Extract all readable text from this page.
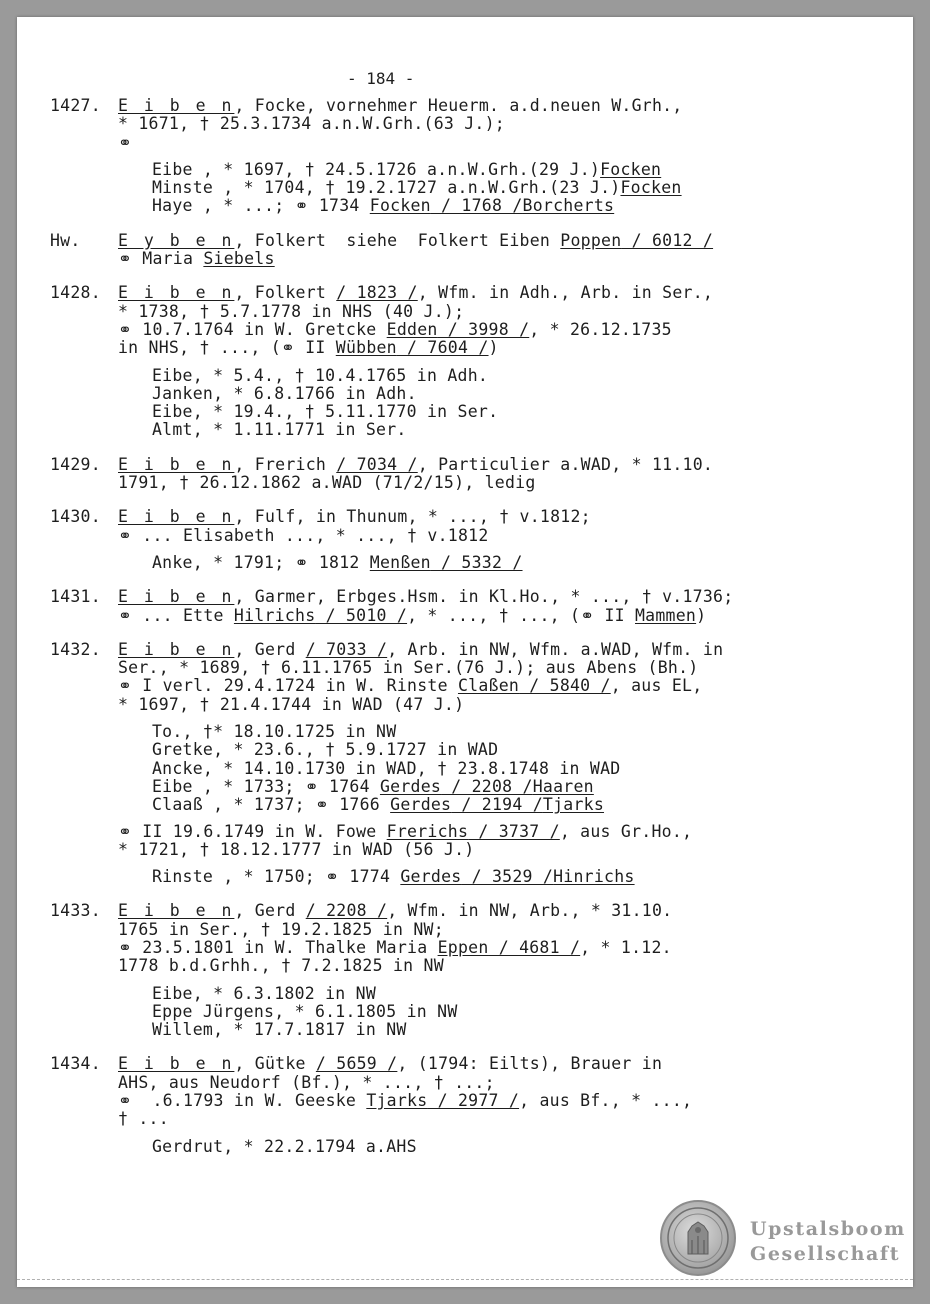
- 184 -
1427.	E i b e n, Focke, vornehmer Heuerm. a.d.neuen W.Grh.,
* 1671, † 25.3.1734 a.n.W.Grh.(63 J.);
⚭
Eibe , * 1697, † 24.5.1726 a.n.W.Grh.(29 J.)Focken
Minste , * 1704, † 19.2.1727 a.n.W.Grh.(23 J.)Focken
Haye , * ...; ⚭ 1734 Focken / 1768 /Borcherts
Hw.	E y b e n, Folkert  siehe  Folkert Eiben Poppen / 6012 /
⚭ Maria Siebels
1428.	E i b e n, Folkert / 1823 /, Wfm. in Adh., Arb. in Ser.,
* 1738, † 5.7.1778 in NHS (40 J.);
⚭ 10.7.1764 in W. Gretcke Edden / 3998 /, * 26.12.1735
in NHS, † ..., (⚭ II Wübben / 7604 /)
Eibe, * 5.4., † 10.4.1765 in Adh.
Janken, * 6.8.1766 in Adh.
Eibe, * 19.4., † 5.11.1770 in Ser.
Almt, * 1.11.1771 in Ser.
1429.	E i b e n, Frerich / 7034 /, Particulier a.WAD, * 11.10.
1791, † 26.12.1862 a.WAD (71/2/15), ledig
1430.	E i b e n, Fulf, in Thunum, * ..., † v.1812;
⚭ ... Elisabeth ..., * ..., † v.1812
Anke, * 1791; ⚭ 1812 Menßen / 5332 /
1431.	E i b e n, Garmer, Erbges.Hsm. in Kl.Ho., * ..., † v.1736;
⚭ ... Ette Hilrichs / 5010 /, * ..., † ..., (⚭ II Mammen)
1432.	E i b e n, Gerd / 7033 /, Arb. in NW, Wfm. a.WAD, Wfm. in
Ser., * 1689, † 6.11.1765 in Ser.(76 J.); aus Abens (Bh.)
⚭ I verl. 29.4.1724 in W. Rinste Claßen / 5840 /, aus EL,
* 1697, † 21.4.1744 in WAD (47 J.)
To., †* 18.10.1725 in NW
Gretke, * 23.6., † 5.9.1727 in WAD
Ancke, * 14.10.1730 in WAD, † 23.8.1748 in WAD
Eibe , * 1733; ⚭ 1764 Gerdes / 2208 /Haaren
Claaß , * 1737; ⚭ 1766 Gerdes / 2194 /Tjarks
⚭ II 19.6.1749 in W. Fowe Frerichs / 3737 /, aus Gr.Ho.,
* 1721, † 18.12.1777 in WAD (56 J.)
Rinste , * 1750; ⚭ 1774 Gerdes / 3529 /Hinrichs
1433.	E i b e n, Gerd / 2208 /, Wfm. in NW, Arb., * 31.10.
1765 in Ser., † 19.2.1825 in NW;
⚭ 23.5.1801 in W. Thalke Maria Eppen / 4681 /, * 1.12.
1778 b.d.Grhh., † 7.2.1825 in NW
Eibe, * 6.3.1802 in NW
Eppe Jürgens, * 6.1.1805 in NW
Willem, * 17.7.1817 in NW
1434.	E i b e n, Gütke / 5659 /, (1794: Eilts), Brauer in
AHS, aus Neudorf (Bf.), * ..., † ...;
⚭  .6.1793 in W. Geeske Tjarks / 2977 /, aus Bf., * ...,
† ...
Gerdrut, * 22.2.1794 a.AHS
Upstalsboom
Gesellschaft
